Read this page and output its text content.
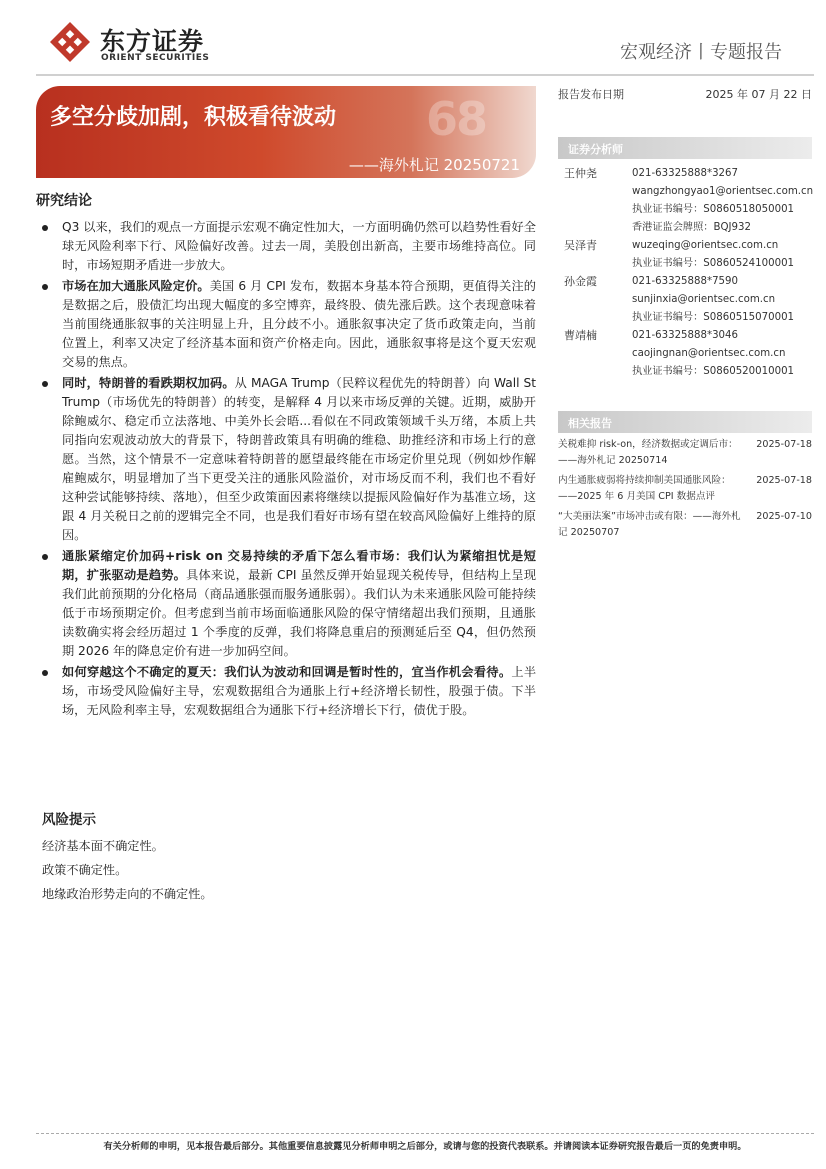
东方证券
ORIENT SECURITIES	宏观经济丨专题报告
68
多空分歧加剧，积极看待波动
——海外札记 20250721
研究结论
Q3 以来，我们的观点一方面提示宏观不确定性加大，一方面明确仍然可以趋势性看好全球无风险利率下行、风险偏好改善。过去一周，美股创出新高，主要市场维持高位。同时，市场短期矛盾进一步放大。
市场在加大通胀风险定价。美国 6 月 CPI 发布，数据本身基本符合预期，更值得关注的是数据之后，股债汇均出现大幅度的多空博弈，最终股、债先涨后跌。这个表现意味着当前围绕通胀叙事的关注明显上升，且分歧不小。通胀叙事决定了货币政策走向，当前位置上，利率又决定了经济基本面和资产价格走向。因此，通胀叙事将是这个夏天宏观交易的焦点。
同时，特朗普的看跌期权加码。从 MAGA Trump（民粹议程优先的特朗普）向 Wall St Trump（市场优先的特朗普）的转变，是解释 4 月以来市场反弹的关键。近期，威胁开除鲍威尔、稳定币立法落地、中美外长会晤...看似在不同政策领域千头万绪，本质上共同指向宏观波动放大的背景下，特朗普政策具有明确的维稳、助推经济和市场上行的意愿。当然，这个情景不一定意味着特朗普的愿望最终能在市场定价里兑现（例如炒作解雇鲍威尔，明显增加了当下更受关注的通胀风险溢价，对市场反而不利，我们也不看好这种尝试能够持续、落地），但至少政策面因素将继续以提振风险偏好作为基准立场，这跟 4 月关税日之前的逻辑完全不同，也是我们看好市场有望在较高风险偏好上维持的原因。
通胀紧缩定价加码+risk on 交易持续的矛盾下怎么看市场：我们认为紧缩担忧是短期，扩张驱动是趋势。具体来说，最新 CPI 虽然反弹开始显现关税传导，但结构上呈现我们此前预期的分化格局（商品通胀强而服务通胀弱）。我们认为未来通胀风险可能持续低于市场预期定价。但考虑到当前市场面临通胀风险的保守情绪超出我们预期，且通胀读数确实将会经历超过 1 个季度的反弹，我们将降息重启的预测延后至 Q4，但仍然预期 2026 年的降息定价有进一步加码空间。
如何穿越这个不确定的夏天：我们认为波动和回调是暂时性的，宜当作机会看待。上半场，市场受风险偏好主导，宏观数据组合为通胀上行+经济增长韧性，股强于债。下半场，无风险利率主导，宏观数据组合为通胀下行+经济增长下行，债优于股。
风险提示
经济基本面不确定性。
政策不确定性。
地缘政治形势走向的不确定性。
报告发布日期	2025 年 07 月 22 日
证券分析师
王仲尧	021-63325888*3267
wangzhongyao1@orientsec.com.cn
执业证书编号：S0860518050001
香港证监会牌照：BQJ932
吴泽青	wuzeqing@orientsec.com.cn
执业证书编号：S0860524100001
孙金霞	021-63325888*7590
sunjinxia@orientsec.com.cn
执业证书编号：S0860515070001
曹靖楠	021-63325888*3046
caojingnan@orientsec.com.cn
执业证书编号：S0860520010001
相关报告
关税难抑 risk-on，经济数据或定调后市：——海外札记 20250714
2025-07-18
内生通胀疲弱将持续抑制美国通胀风险：——2025 年 6 月美国 CPI 数据点评
2025-07-18
“大美丽法案”市场冲击或有限：——海外札记 20250707
2025-07-10
有关分析师的申明，见本报告最后部分。其他重要信息披露见分析师申明之后部分，或请与您的投资代表联系。并请阅读本证券研究报告最后一页的免责申明。
